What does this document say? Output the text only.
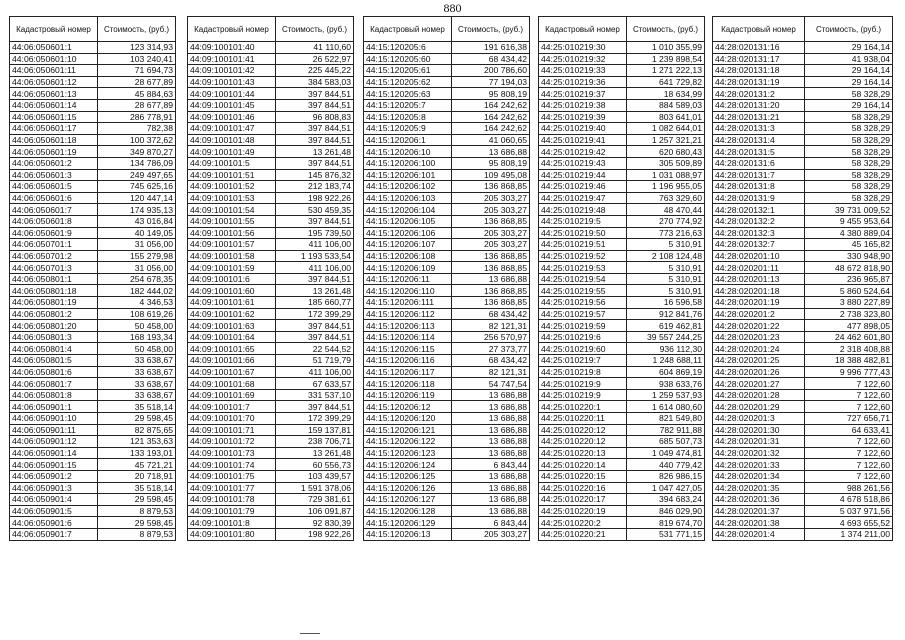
880
Кадастровый номер	Стоимость, (руб.)
44:06:050601:1	123 314,93
44:06:050601:10	103 240,41
44:06:050601:11	71 694,73
44:06:050601:12	28 677,89
44:06:050601:13	45 884,63
44:06:050601:14	28 677,89
44:06:050601:15	286 778,91
44:06:050601:17	782,38
44:06:050601:18	100 372,62
44:06:050601:19	349 870,27
44:06:050601:2	134 786,09
44:06:050601:3	249 497,65
44:06:050601:5	745 625,16
44:06:050601:6	120 447,14
44:06:050601:7	174 935,13
44:06:050601:8	43 016,84
44:06:050601:9	40 149,05
44:06:050701:1	31 056,00
44:06:050701:2	155 279,98
44:06:050701:3	31 056,00
44:06:050801:1	254 678,35
44:06:050801:18	182 444,02
44:06:050801:19	4 346,53
44:06:050801:2	108 619,26
44:06:050801:20	50 458,00
44:06:050801:3	168 193,34
44:06:050801:4	50 458,00
44:06:050801:5	33 638,67
44:06:050801:6	33 638,67
44:06:050801:7	33 638,67
44:06:050801:8	33 638,67
44:06:050901:1	35 518,14
44:06:050901:10	29 598,45
44:06:050901:11	82 875,65
44:06:050901:12	121 353,63
44:06:050901:14	133 193,01
44:06:050901:15	45 721,21
44:06:050901:2	20 718,91
44:06:050901:3	35 518,14
44:06:050901:4	29 598,45
44:06:050901:5	8 879,53
44:06:050901:6	29 598,45
44:06:050901:7	8 879,53
Кадастровый номер	Стоимость, (руб.)
44:09:100101:40	41 110,60
44:09:100101:41	26 522,97
44:09:100101:42	225 445,22
44:09:100101:43	384 583,03
44:09:100101:44	397 844,51
44:09:100101:45	397 844,51
44:09:100101:46	96 808,83
44:09:100101:47	397 844,51
44:09:100101:48	397 844,51
44:09:100101:49	13 261,48
44:09:100101:5	397 844,51
44:09:100101:51	145 876,32
44:09:100101:52	212 183,74
44:09:100101:53	198 922,26
44:09:100101:54	530 459,35
44:09:100101:55	397 844,51
44:09:100101:56	195 739,50
44:09:100101:57	411 106,00
44:09:100101:58	1 193 533,54
44:09:100101:59	411 106,00
44:09:100101:6	397 844,51
44:09:100101:60	13 261,48
44:09:100101:61	185 660,77
44:09:100101:62	172 399,29
44:09:100101:63	397 844,51
44:09:100101:64	397 844,51
44:09:100101:65	22 544,52
44:09:100101:66	51 719,79
44:09:100101:67	411 106,00
44:09:100101:68	67 633,57
44:09:100101:69	331 537,10
44:09:100101:7	397 844,51
44:09:100101:70	172 399,29
44:09:100101:71	159 137,81
44:09:100101:72	238 706,71
44:09:100101:73	13 261,48
44:09:100101:74	60 556,73
44:09:100101:75	103 439,57
44:09:100101:77	1 591 378,06
44:09:100101:78	729 381,61
44:09:100101:79	106 091,87
44:09:100101:8	92 830,39
44:09:100101:80	198 922,26
Кадастровый номер	Стоимость, (руб.)
44:15:120205:6	191 616,38
44:15:120205:60	68 434,42
44:15:120205:61	200 786,60
44:15:120205:62	77 194,03
44:15:120205:63	95 808,19
44:15:120205:7	164 242,62
44:15:120205:8	164 242,62
44:15:120205:9	164 242,62
44:15:120206:1	41 060,65
44:15:120206:10	13 686,88
44:15:120206:100	95 808,19
44:15:120206:101	109 495,08
44:15:120206:102	136 868,85
44:15:120206:103	205 303,27
44:15:120206:104	205 303,27
44:15:120206:105	136 868,85
44:15:120206:106	205 303,27
44:15:120206:107	205 303,27
44:15:120206:108	136 868,85
44:15:120206:109	136 868,85
44:15:120206:11	13 686,88
44:15:120206:110	136 868,85
44:15:120206:111	136 868,85
44:15:120206:112	68 434,42
44:15:120206:113	82 121,31
44:15:120206:114	256 570,97
44:15:120206:115	27 373,77
44:15:120206:116	68 434,42
44:15:120206:117	82 121,31
44:15:120206:118	54 747,54
44:15:120206:119	13 686,88
44:15:120206:12	13 686,88
44:15:120206:120	13 686,88
44:15:120206:121	13 686,88
44:15:120206:122	13 686,88
44:15:120206:123	13 686,88
44:15:120206:124	6 843,44
44:15:120206:125	13 686,88
44:15:120206:126	13 686,88
44:15:120206:127	13 686,88
44:15:120206:128	13 686,88
44:15:120206:129	6 843,44
44:15:120206:13	205 303,27
Кадастровый номер	Стоимость, (руб.)
44:25:010219:30	1 010 355,99
44:25:010219:32	1 239 898,54
44:25:010219:33	1 271 222,13
44:25:010219:36	641 729,82
44:25:010219:37	18 634,99
44:25:010219:38	884 589,03
44:25:010219:39	803 641,01
44:25:010219:40	1 082 644,01
44:25:010219:41	1 257 321,21
44:25:010219:42	620 680,43
44:25:010219:43	305 509,89
44:25:010219:44	1 031 088,97
44:25:010219:46	1 196 955,05
44:25:010219:47	763 329,60
44:25:010219:48	48 470,44
44:25:010219:5	270 774,92
44:25:010219:50	773 216,63
44:25:010219:51	5 310,91
44:25:010219:52	2 108 124,48
44:25:010219:53	5 310,91
44:25:010219:54	5 310,91
44:25:010219:55	5 310,91
44:25:010219:56	16 596,58
44:25:010219:57	912 841,76
44:25:010219:59	619 462,81
44:25:010219:6	39 557 244,25
44:25:010219:60	936 112,30
44:25:010219:7	1 248 688,11
44:25:010219:8	604 869,19
44:25:010219:9	938 633,76
44:25:010219:9	1 259 537,93
44:25:010220:1	1 614 080,60
44:25:010220:11	821 549,80
44:25:010220:12	782 911,88
44:25:010220:12	685 507,73
44:25:010220:13	1 049 474,81
44:25:010220:14	440 779,42
44:25:010220:15	826 986,15
44:25:010220:16	1 047 427,05
44:25:010220:17	394 683,24
44:25:010220:19	846 029,90
44:25:010220:2	819 674,70
44:25:010220:21	531 771,15
Кадастровый номер	Стоимость, (руб.)
44:28:020131:16	29 164,14
44:28:020131:17	41 938,04
44:28:020131:18	29 164,14
44:28:020131:19	29 164,14
44:28:020131:2	58 328,29
44:28:020131:20	29 164,14
44:28:020131:21	58 328,29
44:28:020131:3	58 328,29
44:28:020131:4	58 328,29
44:28:020131:5	58 328,29
44:28:020131:6	58 328,29
44:28:020131:7	58 328,29
44:28:020131:8	58 328,29
44:28:020131:9	58 328,29
44:28:020132:1	39 731 009,52
44:28:020132:2	9 455 953,64
44:28:020132:3	4 380 889,04
44:28:020132:7	45 165,82
44:28:020201:10	330 948,90
44:28:020201:11	48 672 818,90
44:28:020201:13	236 965,87
44:28:020201:18	5 860 524,64
44:28:020201:19	3 880 227,89
44:28:020201:2	2 738 323,80
44:28:020201:22	477 898,05
44:28:020201:23	24 462 601,80
44:28:020201:24	2 318 408,88
44:28:020201:25	18 388 482,81
44:28:020201:26	9 996 777,43
44:28:020201:27	7 122,60
44:28:020201:28	7 122,60
44:28:020201:29	7 122,60
44:28:020201:3	727 656,71
44:28:020201:30	64 633,41
44:28:020201:31	7 122,60
44:28:020201:32	7 122,60
44:28:020201:33	7 122,60
44:28:020201:34	7 122,60
44:28:020201:35	988 261,56
44:28:020201:36	4 678 518,86
44:28:020201:37	5 037 971,56
44:28:020201:38	4 693 655,52
44:28:020201:4	1 374 211,00
